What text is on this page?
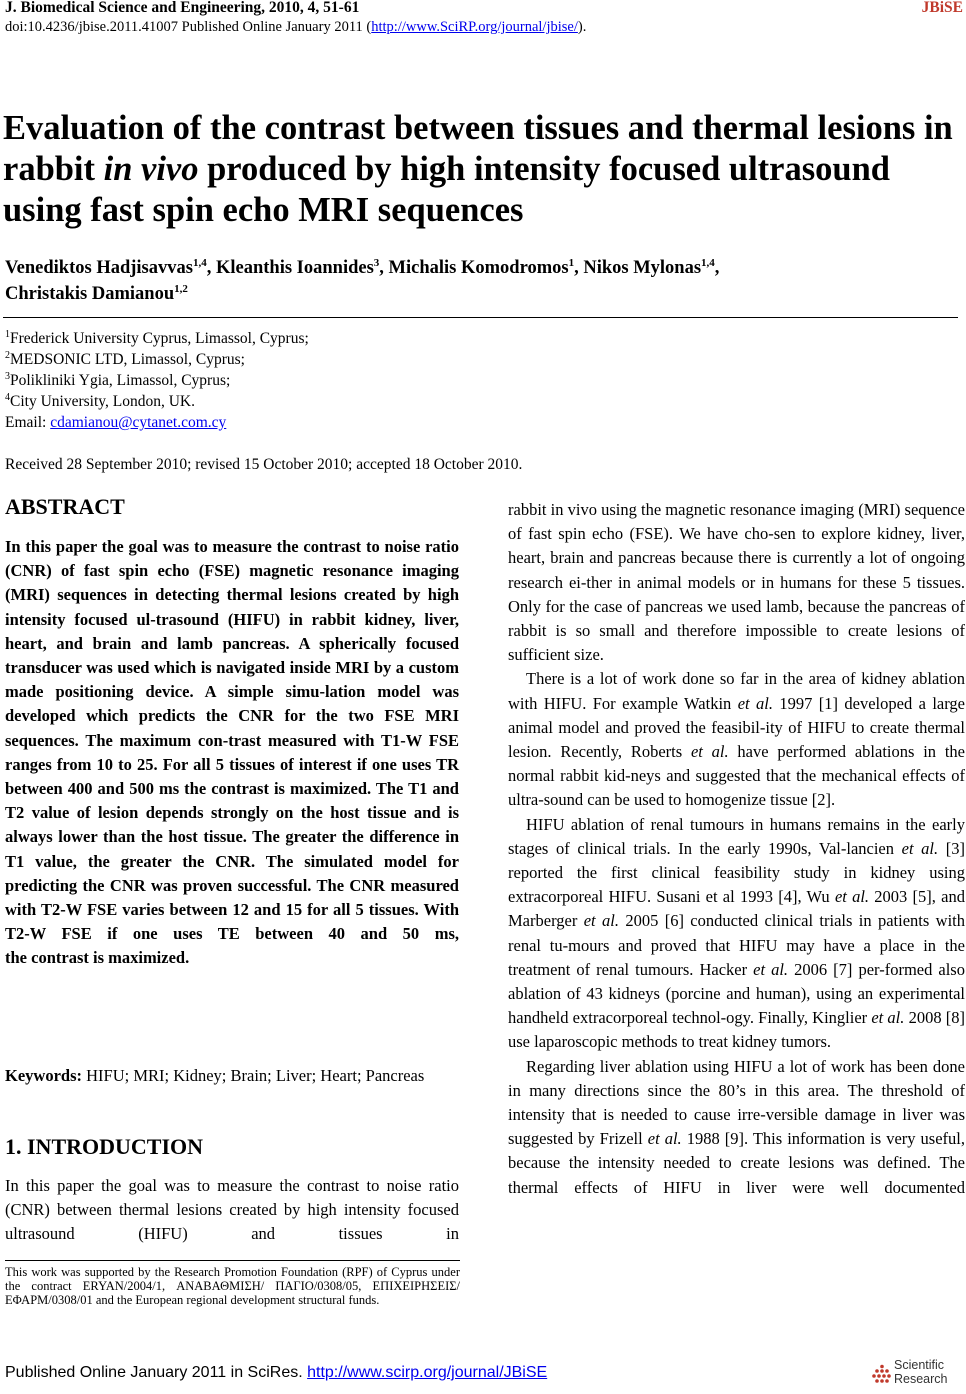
J. Biomedical Science and Engineering, 2010, 4, 51-61	JBiSE
doi:10.4236/jbise.2011.41007 Published Online January 2011 (http://www.SciRP.org/journal/jbise/).
Evaluation of the contrast between tissues and thermal lesions in rabbit in vivo produced by high intensity focused ultrasound using fast spin echo MRI sequences
Venediktos Hadjisavvas$^{1,4}$, Kleanthis Ioannides$^3$, Michalis Komodromos$^1$, Nikos Mylonas$^{1,4}$,
Christakis Damianou$^{1,2}$
$^1$Frederick University Cyprus, Limassol, Cyprus;
$^2$MEDSONIC LTD, Limassol, Cyprus;
$^3$Polikliniki Ygia, Limassol, Cyprus;
$^4$City University, London, UK.
Email: cdamianou@cytanet.com.cy
Received 28 September 2010; revised 15 October 2010; accepted 18 October 2010.
ABSTRACT
In this paper the goal was to measure the contrast to noise ratio (CNR) of fast spin echo (FSE) magnetic resonance imaging (MRI) sequences in detecting thermal lesions created by high intensity focused ul-trasound (HIFU) in rabbit kidney, liver, heart, and brain and lamb pancreas. A spherically focused transducer was used which is navigated inside MRI by a custom made positioning device. A simple simu-lation model was developed which predicts the CNR for the two FSE MRI sequences. The maximum con-trast measured with T1-W FSE ranges from 10 to 25. For all 5 tissues of interest if one uses TR between 400 and 500 ms the contrast is maximized. The T1 and T2 value of lesion depends strongly on the host tissue and is always lower than the host tissue. The greater the difference in T1 value, the greater the CNR. The simulated model for predicting the CNR was proven successful. The CNR measured with T2-W FSE varies between 12 and 15 for all 5 tissues. With T2-W FSE if one uses TE between 40 and 50 ms,
the contrast is maximized.
Keywords: HIFU; MRI; Kidney; Brain; Liver; Heart; Pancreas
1. INTRODUCTION
In this paper the goal was to measure the contrast to noise ratio (CNR) between thermal lesions created by high intensity focused ultrasound (HIFU) and tissues in
This work was supported by the Research Promotion Foundation (RPF) of Cyprus under the contract ERYAN/2004/1, ΑΝΑΒΑΘΜΙΣΗ/ ΠΑΓΙΟ/0308/05, ΕΠΙΧΕΙΡΗΣΕΙΣ/ΕΦΑΡΜ/0308/01 and the European regional development structural funds.

rabbit in vivo using the magnetic resonance imaging (MRI) sequence of fast spin echo (FSE). We have cho-sen to explore kidney, liver, heart, brain and pancreas because there is currently a lot of ongoing research ei-ther in animal models or in humans for these 5 tissues. Only for the case of pancreas we used lamb, because the pancreas of rabbit is so small and therefore impossible to create lesions of sufficient size.

There is a lot of work done so far in the area of kidney ablation with HIFU. For example Watkin et al. 1997 [1] developed a large animal model and proved the feasibil-ity of HIFU to create thermal lesion. Recently, Roberts et al. have performed ablations in the normal rabbit kid-neys and suggested that the mechanical effects of ultra-sound can be used to homogenize tissue [2].

HIFU ablation of renal tumours in humans remains in the early stages of clinical trials. In the early 1990s, Val-lancien et al. [3] reported the first clinical feasibility study in kidney using extracorporeal HIFU. Susani et al 1993 [4], Wu et al. 2003 [5], and Marberger et al. 2005 [6] conducted clinical trials in patients with renal tu-mours and proved that HIFU may have a place in the treatment of renal tumours. Hacker et al. 2006 [7] per-formed also ablation of 43 kidneys (porcine and human), using an experimental handheld extracorporeal technol-ogy. Finally, Kinglier et al. 2008 [8] use laparoscopic methods to treat kidney tumors.

Regarding liver ablation using HIFU a lot of work has been done in many directions since the 80’s in this area. The threshold of intensity that is needed to cause irre-versible damage in liver was suggested by Frizell et al. 1988 [9]. This information is very useful, because the intensity needed to create lesions was defined. The thermal effects of HIFU in liver were well documented

Published Online January 2011 in SciRes. http://www.scirp.org/journal/JBiSE	Scientific
Research
